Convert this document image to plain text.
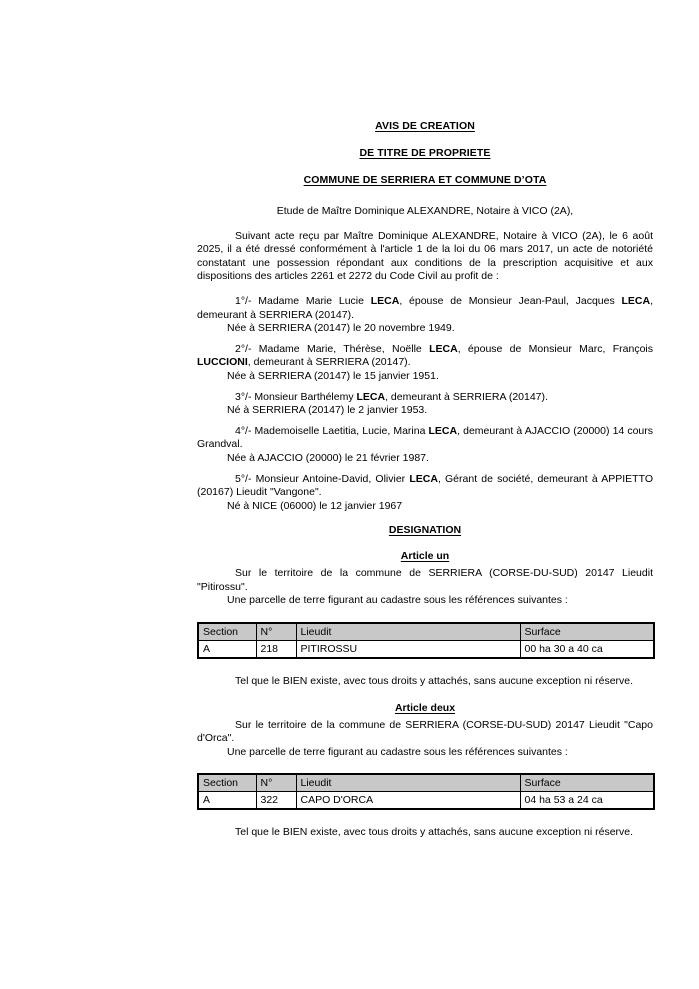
AVIS DE CREATION
DE TITRE DE PROPRIETE
COMMUNE DE SERRIERA ET COMMUNE D’OTA

Etude de Maître Dominique ALEXANDRE, Notaire à VICO (2A),

Suivant acte reçu par Maître Dominique ALEXANDRE, Notaire à VICO (2A), le 6 août 2025, il a été dressé conformément à l'article 1 de la loi du 06 mars 2017, un acte de notoriété constatant une possession répondant aux conditions de la prescription acquisitive et aux dispositions des articles 2261 et 2272 du Code Civil au profit de :

1°/- Madame Marie Lucie LECA, épouse de Monsieur Jean-Paul, Jacques LECA, demeurant à SERRIERA (20147).

Née à SERRIERA (20147) le 20 novembre 1949.

2°/- Madame Marie, Thérèse, Noëlle LECA, épouse de Monsieur Marc, François LUCCIONI, demeurant à SERRIERA (20147).

Née à SERRIERA (20147) le 15 janvier 1951.

3°/- Monsieur Barthélemy LECA, demeurant à SERRIERA (20147).

Né à SERRIERA (20147) le 2 janvier 1953.

4°/- Mademoiselle Laetitia, Lucie, Marina LECA, demeurant à AJACCIO (20000) 14 cours Grandval.

Née à AJACCIO (20000) le 21 février 1987.

5°/- Monsieur Antoine-David, Olivier LECA, Gérant de société, demeurant à APPIETTO (20167) Lieudit "Vangone".

Né à NICE (06000) le 12 janvier 1967

DESIGNATION
Article un

Sur le territoire de la commune de SERRIERA (CORSE-DU-SUD) 20147 Lieudit "Pitirossu".

Une parcelle de terre figurant au cadastre sous les références suivantes :

Section	N°	Lieudit	Surface
A	218	PITIROSSU	00 ha 30 a 40 ca

Tel que le BIEN existe, avec tous droits y attachés, sans aucune exception ni réserve.

Article deux

Sur le territoire de la commune de SERRIERA (CORSE-DU-SUD) 20147 Lieudit "Capo d'Orca".

Une parcelle de terre figurant au cadastre sous les références suivantes :

Section	N°	Lieudit	Surface
A	322	CAPO D'ORCA	04 ha 53 a 24 ca

Tel que le BIEN existe, avec tous droits y attachés, sans aucune exception ni réserve.
